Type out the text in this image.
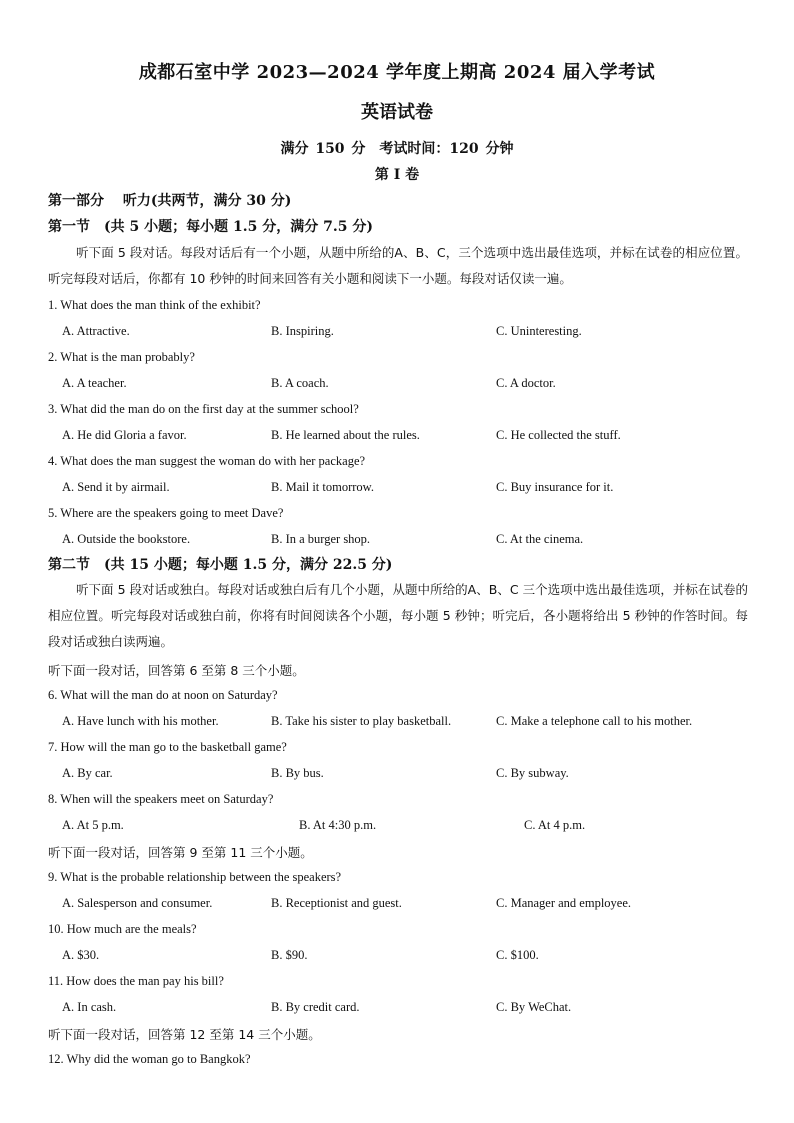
成都石室中学 2023—2024 学年度上期高 2024 届入学考试
英语试卷
满分 150 分　考试时间：120 分钟
第 I 卷
第一部分　 听力(共两节，满分 30 分)
第一节　(共 5 小题；每小题 1.5 分，满分 7.5 分)
听下面 5 段对话。每段对话后有一个小题，从题中所给的A、B、C，三个选项中选出最佳选项，并标在试卷的相应位置。听完每段对话后，你都有 10 秒钟的时间来回答有关小题和阅读下一小题。每段对话仅读一遍。
1. What does the man think of the exhibit?
A. Attractive.	B. Inspiring.	C. Uninteresting.
2. What is the man probably?
A. A teacher.	B. A coach.	C. A doctor.
3. What did the man do on the first day at the summer school?
A. He did Gloria a favor.	B. He learned about the rules.	C. He collected the stuff.
4. What does the man suggest the woman do with her package?
A. Send it by airmail.	B. Mail it tomorrow.	C. Buy insurance for it.
5. Where are the speakers going to meet Dave?
A. Outside the bookstore.	B. In a burger shop.	C. At the cinema.
第二节　(共 15 小题；每小题 1.5 分，满分 22.5 分)
听下面 5 段对话或独白。每段对话或独白后有几个小题，从题中所给的A、B、C 三个选项中选出最佳选项，并标在试卷的相应位置。听完每段对话或独白前，你将有时间阅读各个小题，每小题 5 秒钟；听完后，各小题将给出 5 秒钟的作答时间。每段对话或独白读两遍。
听下面一段对话，回答第 6 至第 8 三个小题。
6. What will the man do at noon on Saturday?
A. Have lunch with his mother.	B. Take his sister to play basketball.	C. Make a telephone call to his mother.
7. How will the man go to the basketball game?
A. By car.	B. By bus.	C. By subway.
8. When will the speakers meet on Saturday?
A. At 5 p.m.	B. At 4:30 p.m.	C. At 4 p.m.
听下面一段对话，回答第 9 至第 11 三个小题。
9. What is the probable relationship between the speakers?
A. Salesperson and consumer.	B. Receptionist and guest.	C. Manager and employee.
10. How much are the meals?
A. $30.	B. $90.	C. $100.
11. How does the man pay his bill?
A. In cash.	B. By credit card.	C. By WeChat.
听下面一段对话，回答第 12 至第 14 三个小题。
12. Why did the woman go to Bangkok?
